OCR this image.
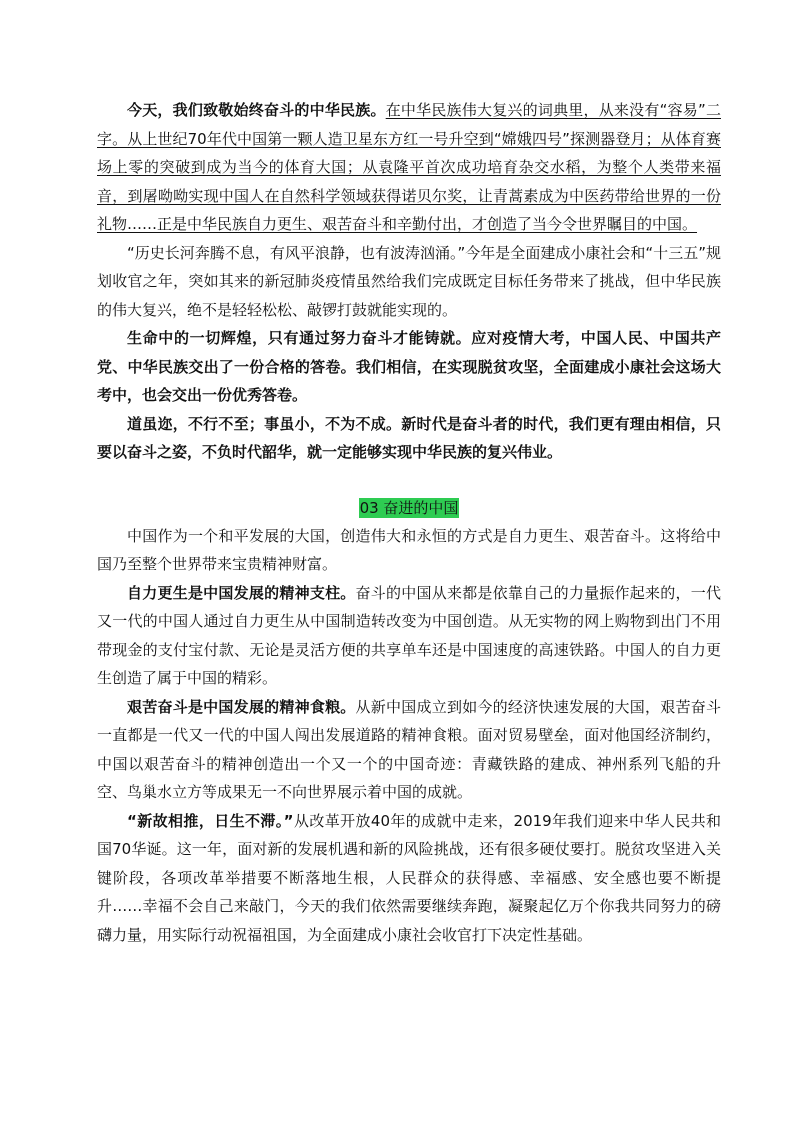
今天，我们致敬始终奋斗的中华民族。在中华民族伟大复兴的词典里，从来没有“容易”二字。从上世纪70年代中国第一颗人造卫星东方红一号升空到“嫦娥四号”探测器登月；从体育赛场上零的突破到成为当今的体育大国；从袁隆平首次成功培育杂交水稻，为整个人类带来福音，到屠呦呦实现中国人在自然科学领域获得诺贝尔奖，让青蒿素成为中医药带给世界的一份礼物……正是中华民族自力更生、艰苦奋斗和辛勤付出，才创造了当今令世界瞩目的中国。

“历史长河奔腾不息，有风平浪静，也有波涛汹涌。”今年是全面建成小康社会和“十三五”规划收官之年，突如其来的新冠肺炎疫情虽然给我们完成既定目标任务带来了挑战，但中华民族的伟大复兴，绝不是轻轻松松、敲锣打鼓就能实现的。

生命中的一切辉煌，只有通过努力奋斗才能铸就。应对疫情大考，中国人民、中国共产党、中华民族交出了一份合格的答卷。我们相信，在实现脱贫攻坚，全面建成小康社会这场大考中，也会交出一份优秀答卷。

道虽迩，不行不至；事虽小，不为不成。新时代是奋斗者的时代，我们更有理由相信，只要以奋斗之姿，不负时代韶华，就一定能够实现中华民族的复兴伟业。

03 奋进的中国

中国作为一个和平发展的大国，创造伟大和永恒的方式是自力更生、艰苦奋斗。这将给中国乃至整个世界带来宝贵精神财富。

自力更生是中国发展的精神支柱。奋斗的中国从来都是依靠自己的力量振作起来的，一代又一代的中国人通过自力更生从中国制造转改变为中国创造。从无实物的网上购物到出门不用带现金的支付宝付款、无论是灵活方便的共享单车还是中国速度的高速铁路。中国人的自力更生创造了属于中国的精彩。

艰苦奋斗是中国发展的精神食粮。从新中国成立到如今的经济快速发展的大国，艰苦奋斗一直都是一代又一代的中国人闯出发展道路的精神食粮。面对贸易壁垒，面对他国经济制约，中国以艰苦奋斗的精神创造出一个又一个的中国奇迹：青藏铁路的建成、神州系列飞船的升空、鸟巢水立方等成果无一不向世界展示着中国的成就。

“新故相推，日生不滞。”从改革开放40年的成就中走来，2019年我们迎来中华人民共和国70华诞。这一年，面对新的发展机遇和新的风险挑战，还有很多硬仗要打。脱贫攻坚进入关键阶段，各项改革举措要不断落地生根，人民群众的获得感、幸福感、安全感也要不断提升……幸福不会自己来敲门，今天的我们依然需要继续奔跑，凝聚起亿万个你我共同努力的磅礴力量，用实际行动祝福祖国，为全面建成小康社会收官打下决定性基础。
